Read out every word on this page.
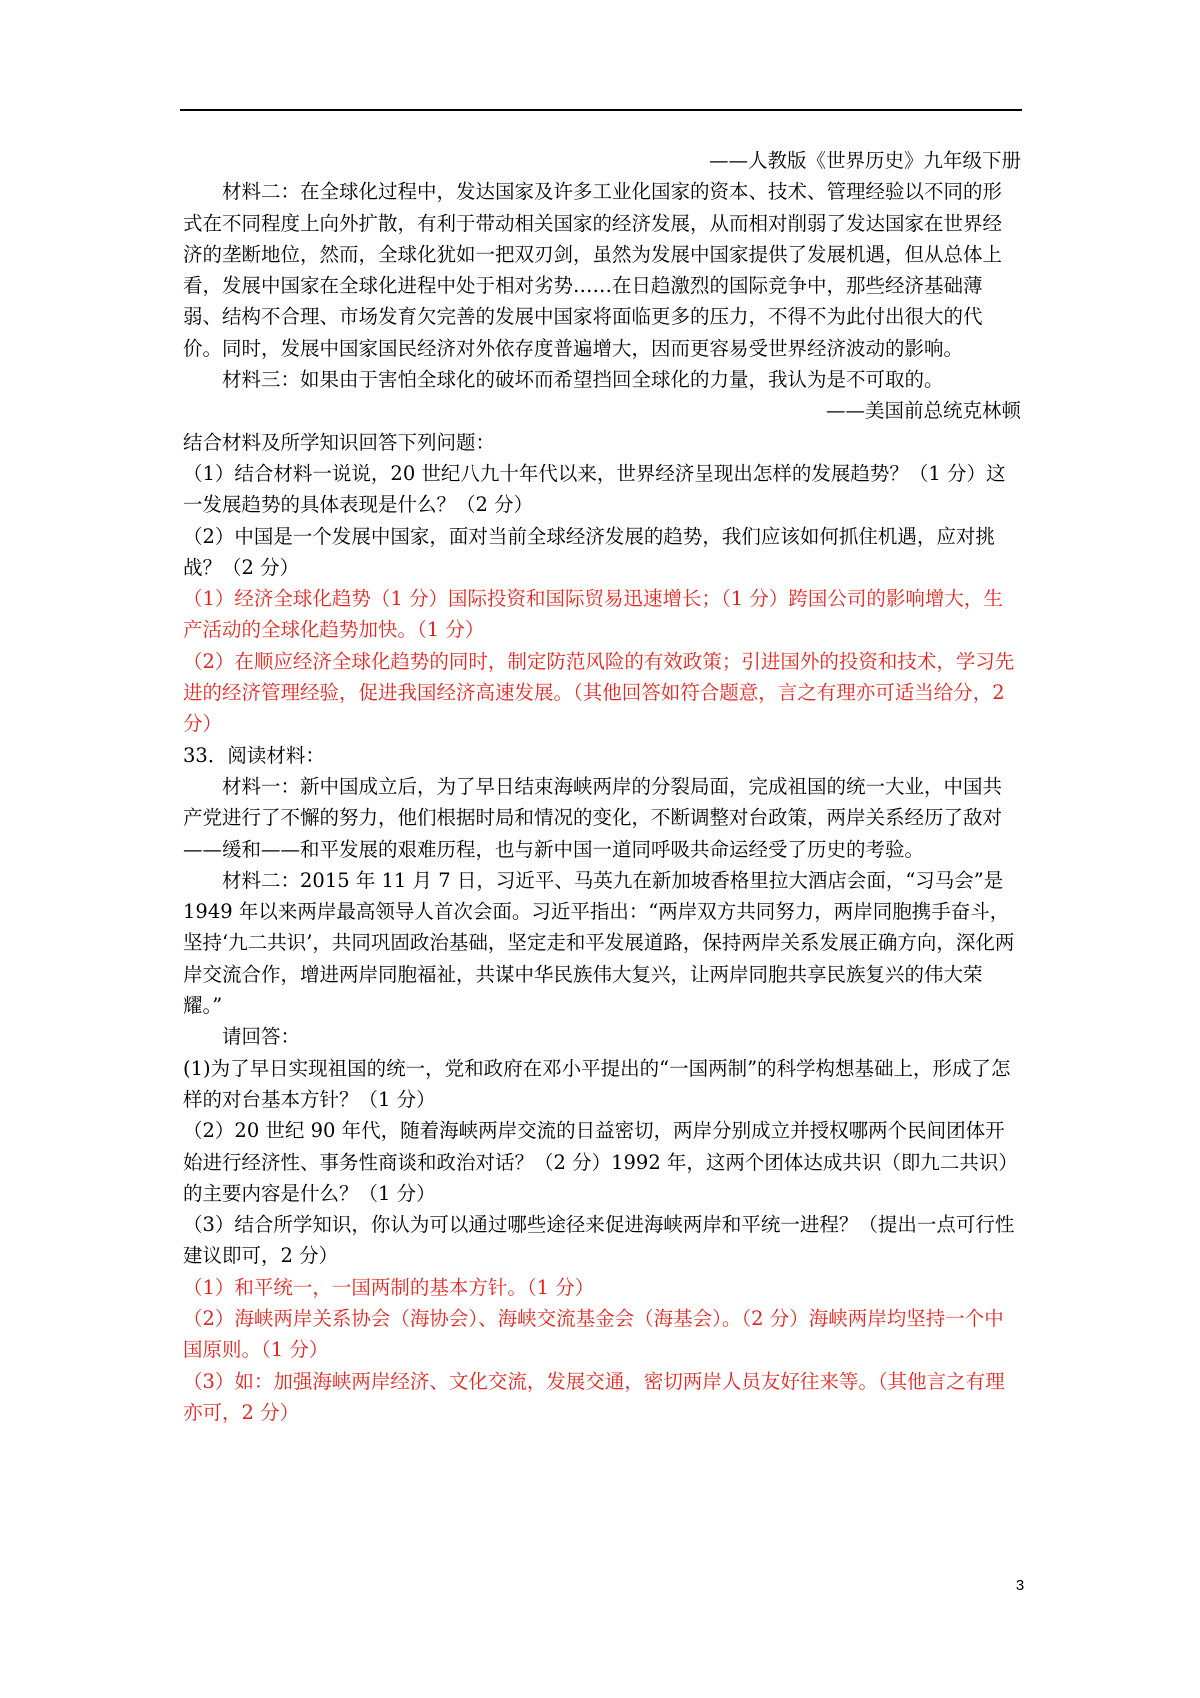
——人教版《世界历史》九年级下册

材料二：在全球化过程中，发达国家及许多工业化国家的资本、技术、管理经验以不同的形式在不同程度上向外扩散，有利于带动相关国家的经济发展，从而相对削弱了发达国家在世界经济的垄断地位，然而，全球化犹如一把双刃剑，虽然为发展中国家提供了发展机遇，但从总体上看，发展中国家在全球化进程中处于相对劣势……在日趋激烈的国际竞争中，那些经济基础薄弱、结构不合理、市场发育欠完善的发展中国家将面临更多的压力，不得不为此付出很大的代价。同时，发展中国家国民经济对外依存度普遍增大，因而更容易受世界经济波动的影响。

材料三：如果由于害怕全球化的破坏而希望挡回全球化的力量，我认为是不可取的。

——美国前总统克林顿

结合材料及所学知识回答下列问题：

（1）结合材料一说说，20 世纪八九十年代以来，世界经济呈现出怎样的发展趋势？（1 分）这一发展趋势的具体表现是什么？（2 分）

（2）中国是一个发展中国家，面对当前全球经济发展的趋势，我们应该如何抓住机遇，应对挑战？（2 分）

（1）经济全球化趋势（1 分）国际投资和国际贸易迅速增长；（1 分）跨国公司的影响增大，生产活动的全球化趋势加快。（1 分）

（2）在顺应经济全球化趋势的同时，制定防范风险的有效政策；引进国外的投资和技术，学习先进的经济管理经验，促进我国经济高速发展。（其他回答如符合题意，言之有理亦可适当给分，2 分）

33．阅读材料：

材料一：新中国成立后，为了早日结束海峡两岸的分裂局面，完成祖国的统一大业，中国共产党进行了不懈的努力，他们根据时局和情况的变化，不断调整对台政策，两岸关系经历了敌对——缓和——和平发展的艰难历程，也与新中国一道同呼吸共命运经受了历史的考验。

材料二：2015 年 11 月 7 日，习近平、马英九在新加坡香格里拉大酒店会面，“习马会”是 1949 年以来两岸最高领导人首次会面。习近平指出：“两岸双方共同努力，两岸同胞携手奋斗，坚持‘九二共识’，共同巩固政治基础，坚定走和平发展道路，保持两岸关系发展正确方向，深化两岸交流合作，增进两岸同胞福祉，共谋中华民族伟大复兴，让两岸同胞共享民族复兴的伟大荣耀。”

请回答：

(1)为了早日实现祖国的统一，党和政府在邓小平提出的“一国两制”的科学构想基础上，形成了怎样的对台基本方针？（1 分）

（2）20 世纪 90 年代，随着海峡两岸交流的日益密切，两岸分别成立并授权哪两个民间团体开始进行经济性、事务性商谈和政治对话？（2 分）1992 年，这两个团体达成共识（即九二共识）的主要内容是什么？（1 分）

（3）结合所学知识，你认为可以通过哪些途径来促进海峡两岸和平统一进程？（提出一点可行性建议即可，2 分）

（1）和平统一，一国两制的基本方针。（1 分）

（2）海峡两岸关系协会（海协会）、海峡交流基金会（海基会）。（2 分）海峡两岸均坚持一个中国原则。（1 分）

（3）如：加强海峡两岸经济、文化交流，发展交通，密切两岸人员友好往来等。（其他言之有理亦可，2 分）

3
